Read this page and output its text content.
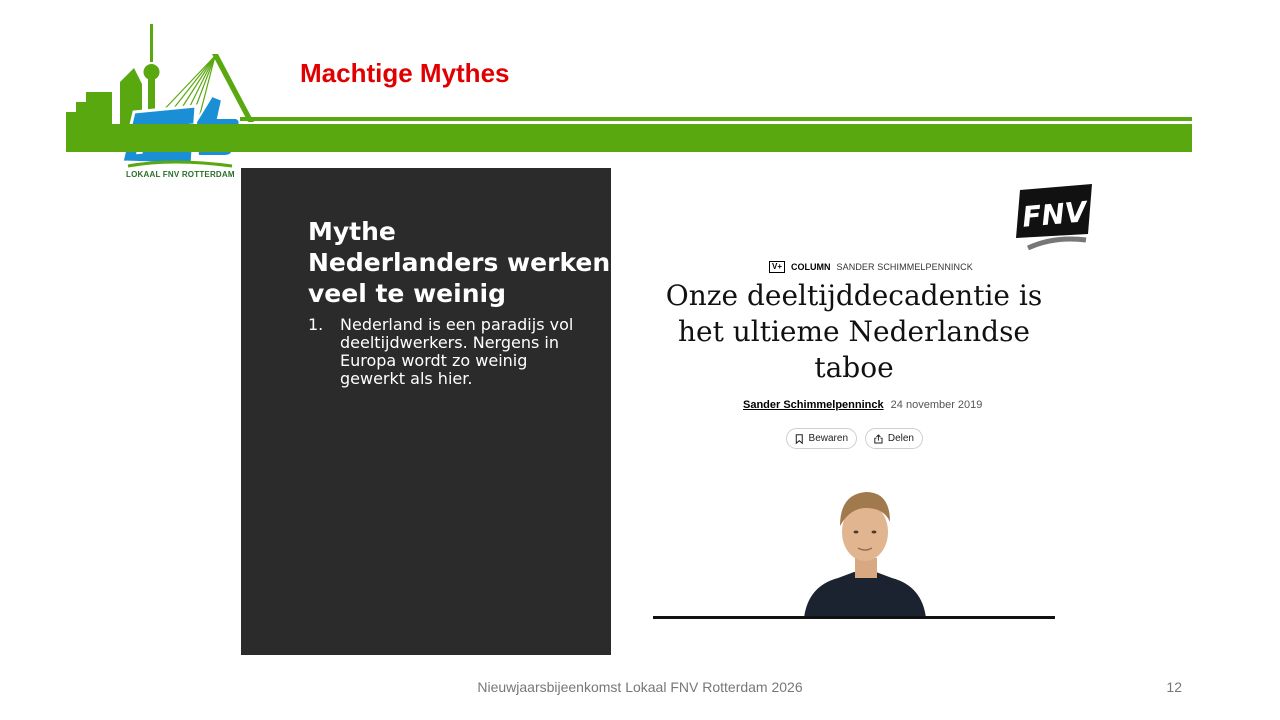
LOKAAL FNV ROTTERDAM
Machtige Mythes
Mythe
Nederlanders werken
veel te weinig
1. Nederland is een paradijs vol deeltijdwerkers. Nergens in Europa wordt zo weinig gewerkt als hier.
FNV
V+	COLUMN SANDER SCHIMMELPENNINCK
Onze deeltijddecadentie is
het ultieme Nederlandse
taboe
Sander Schimmelpenninck 24 november 2019
Bewaren	Delen
Nieuwjaarsbijeenkomst Lokaal FNV Rotterdam 2026	12
